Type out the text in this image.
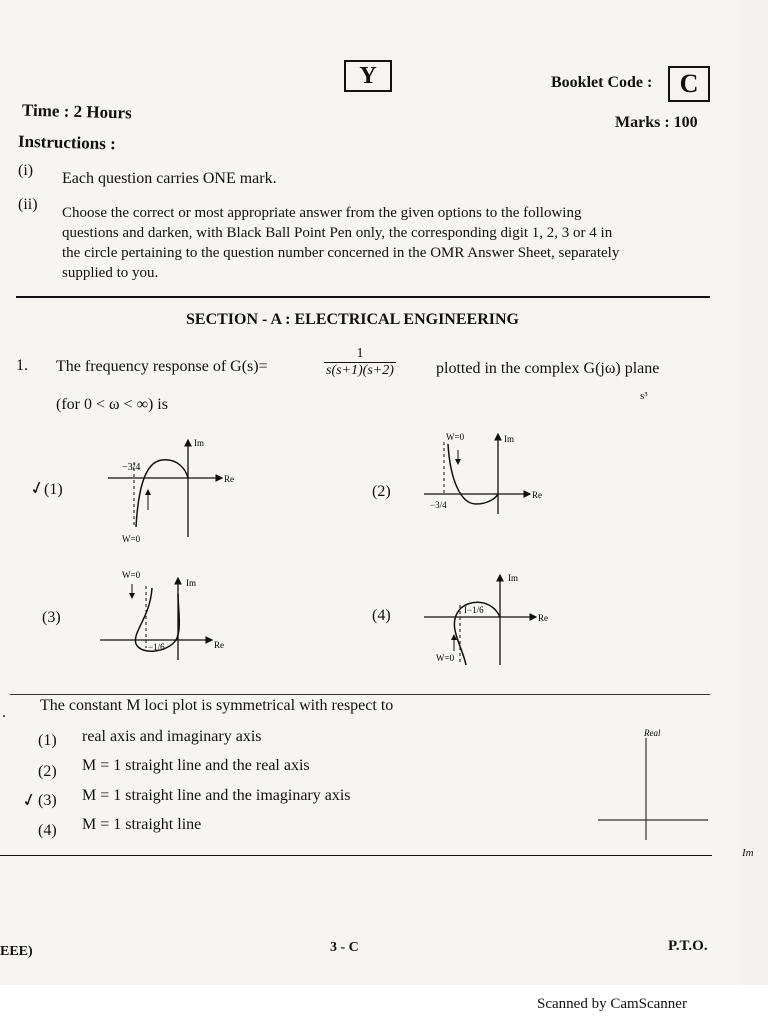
Y	Booklet Code :	C
Time : 2 Hours
Marks : 100
Instructions :
(i) Each question carries ONE mark.
(ii) Choose the correct or most appropriate answer from the given options to the following
questions and darken, with Black Ball Point Pen only, the corresponding digit 1, 2, 3 or 4 in
the circle pertaining to the question number concerned in the OMR Answer Sheet, separately
supplied to you.
SECTION - A : ELECTRICAL ENGINEERING
1. The frequency response of G(s)=	$\frac{1}{s(s+1)(s+2)}$	plotted in the complex G(jω) plane
s³
(for 0 < ω < ∞) is
✓
(1)	(2)
(3)	(4)
−3/4
Im
Re
W=0
W=0	Im
Re
−3/4
W=0
Im
Re
−1/6
Im
Re
I−1/6
W=0
. The constant M loci plot is symmetrical with respect to
(1) real axis and imaginary axis
(2) M = 1 straight line and the real axis
✓
(3) M = 1 straight line and the imaginary axis
(4) M = 1 straight line
Real
Im
EEE)	3 - C	P.T.O.
Scanned by CamScanner
